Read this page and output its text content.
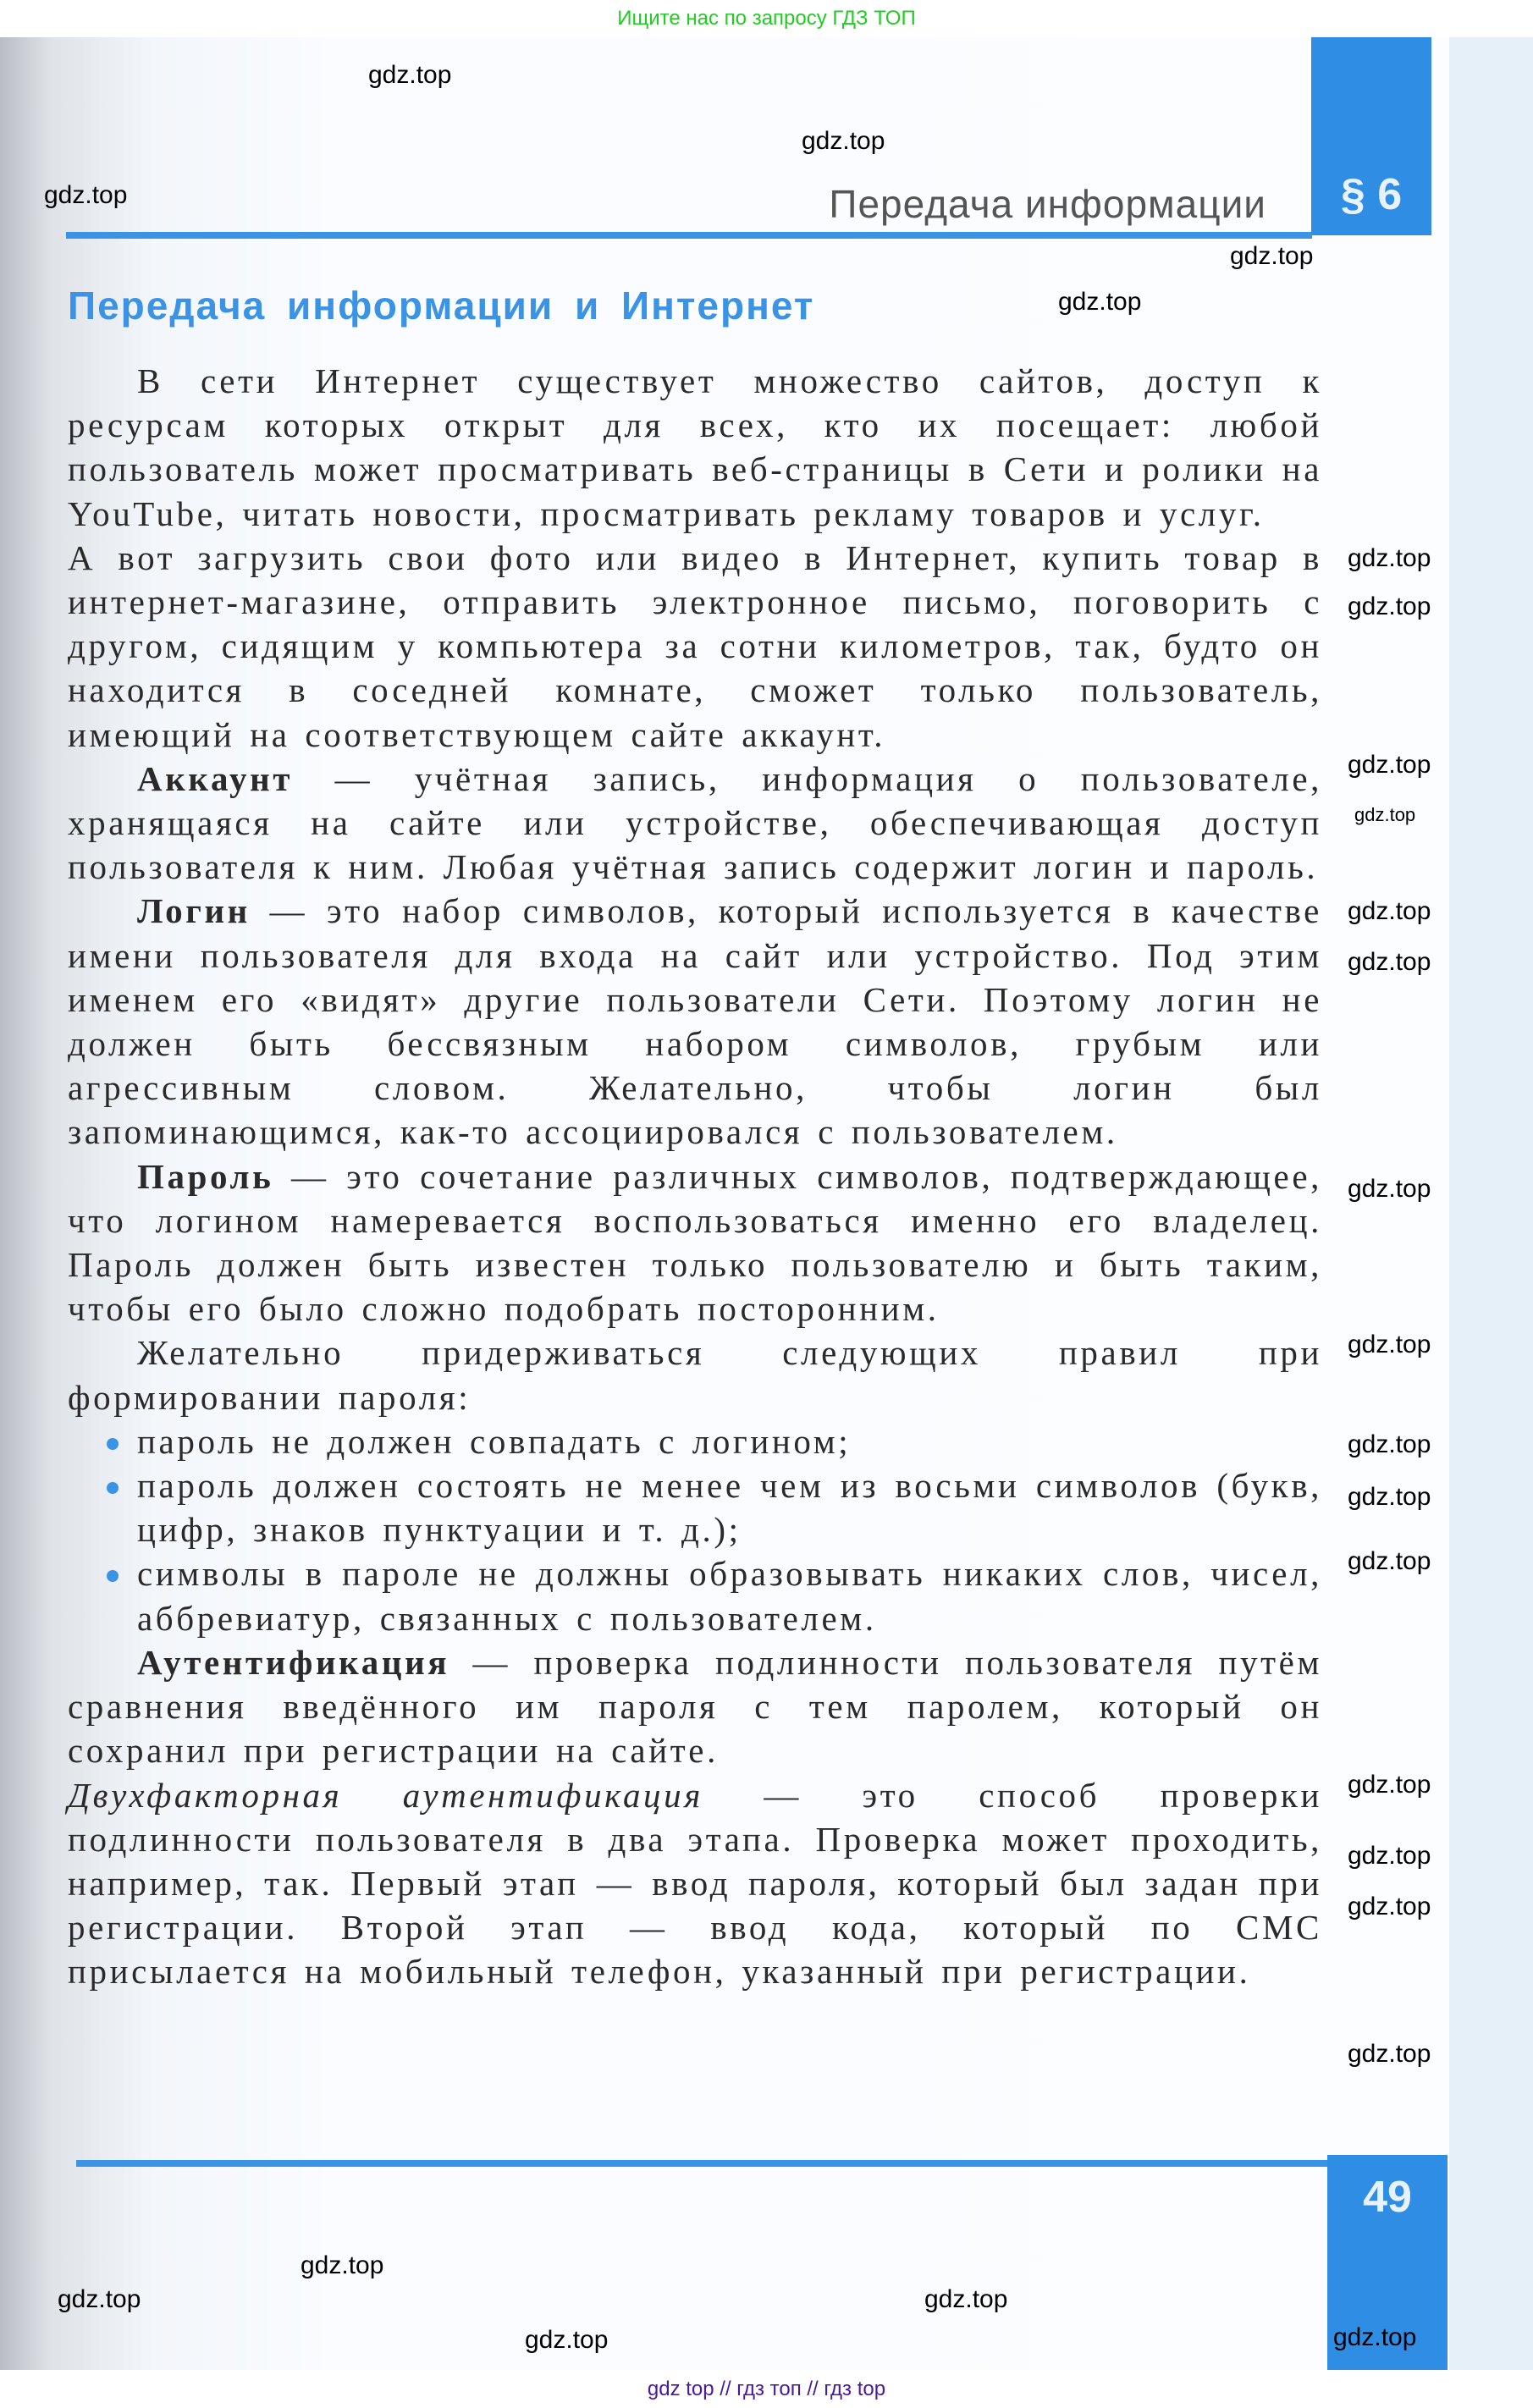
Ищите нас по запросу ГДЗ ТОП
§ 6
Передача информации
Передача информации и Интернет

В сети Интернет существует множество сайтов, доступ к ресурсам которых открыт для всех, кто их посещает: любой пользователь может просматривать веб-страницы в Сети и ролики на YouTube, читать новости, просматривать рекламу товаров и услуг.

А вот загрузить свои фото или видео в Интернет, купить товар в интернет-магазине, отправить электронное письмо, поговорить с другом, сидящим у компьютера за сотни километров, так, будто он находится в соседней комнате, сможет только пользователь, имеющий на соответствующем сайте аккаунт.

Аккаунт — учётная запись, информация о пользователе, хранящаяся на сайте или устройстве, обеспечивающая доступ пользователя к ним. Любая учётная запись содержит логин и пароль.

Логин — это набор символов, который используется в качестве имени пользователя для входа на сайт или устройство. Под этим именем его «видят» другие пользователи Сети. Поэтому логин не должен быть бессвязным набором символов, грубым или агрессивным словом. Желательно, чтобы логин был запоминающимся, как-то ассоциировался с пользователем.

Пароль — это сочетание различных символов, подтверждающее, что логином намеревается воспользоваться именно его владелец. Пароль должен быть известен только пользователю и быть таким, чтобы его было сложно подобрать посторонним.

Желательно придерживаться следующих правил при формировании пароля:

пароль не должен совпадать с логином;
пароль должен состоять не менее чем из восьми символов (букв, цифр, знаков пунктуации и т. д.);
символы в пароле не должны образовывать никаких слов, чисел, аббревиатур, связанных с пользователем.

Аутентификация — проверка подлинности пользователя путём сравнения введённого им пароля с тем паролем, который он сохранил при регистрации на сайте.

Двухфакторная аутентификация — это способ проверки подлинности пользователя в два этапа. Проверка может проходить, например, так. Первый этап — ввод пароля, который был задан при регистрации. Второй этап — ввод кода, который по СМС присылается на мобильный телефон, указанный при регистрации.

49
gdz top // гдз топ // гдз top
gdz.top
gdz.top
gdz.top
gdz.top
gdz.top
gdz.top
gdz.top
gdz.top
gdz.top
gdz.top
gdz.top
gdz.top
gdz.top
gdz.top
gdz.top
gdz.top
gdz.top
gdz.top
gdz.top
gdz.top
gdz.top
gdz.top
gdz.top
gdz.top	gdz.top
